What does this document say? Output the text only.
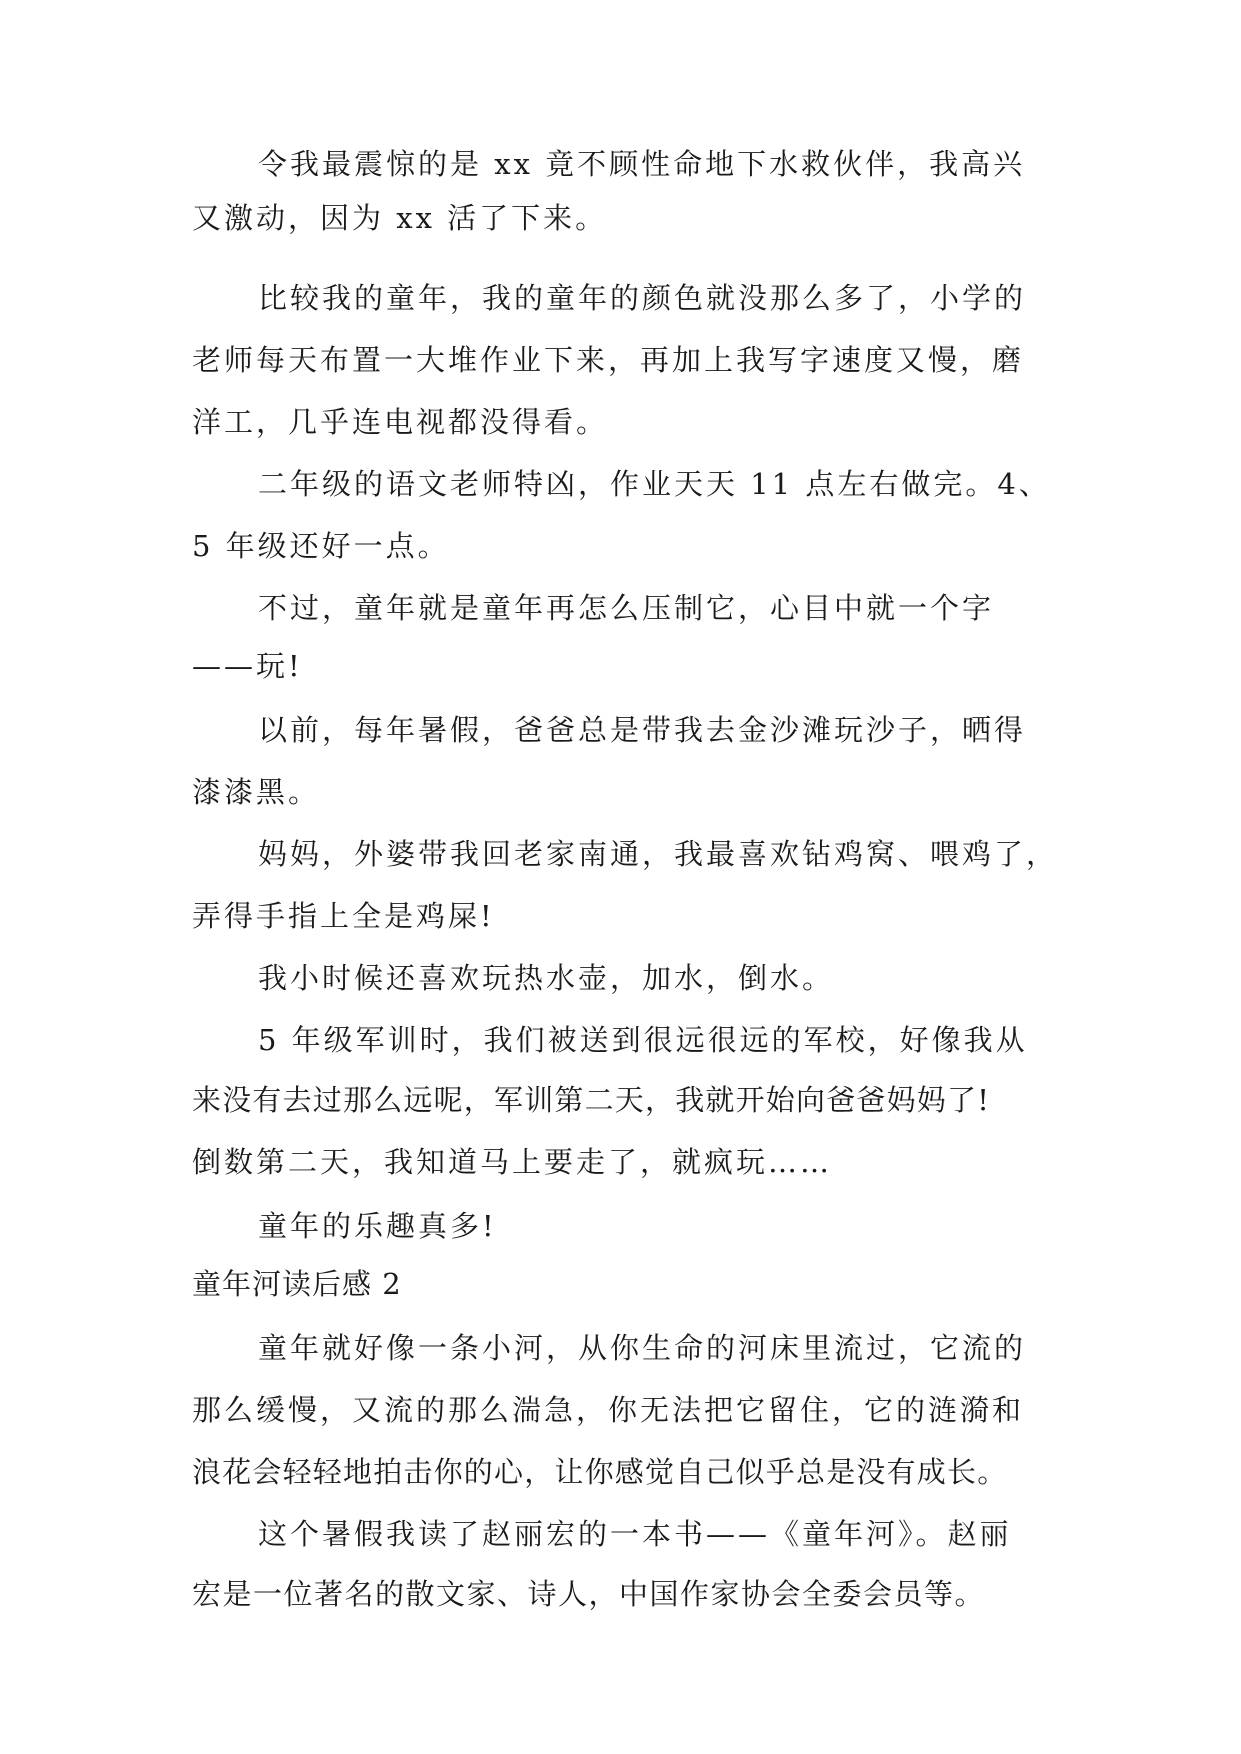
令我最震惊的是 xx 竟不顾性命地下水救伙伴，我高兴
又激动，因为 xx 活了下来。
比较我的童年，我的童年的颜色就没那么多了，小学的
老师每天布置一大堆作业下来，再加上我写字速度又慢，磨
洋工，几乎连电视都没得看。
二年级的语文老师特凶，作业天天 11 点左右做完。4、
5 年级还好一点。
不过，童年就是童年再怎么压制它，心目中就一个字
——玩!
以前，每年暑假，爸爸总是带我去金沙滩玩沙子，晒得
漆漆黑。
妈妈，外婆带我回老家南通，我最喜欢钻鸡窝、喂鸡了，
弄得手指上全是鸡屎!
我小时候还喜欢玩热水壶，加水，倒水。
5 年级军训时，我们被送到很远很远的军校，好像我从
来没有去过那么远呢，军训第二天，我就开始向爸爸妈妈了!
倒数第二天，我知道马上要走了，就疯玩……
童年的乐趣真多!
童年河读后感 2
童年就好像一条小河，从你生命的河床里流过，它流的
那么缓慢，又流的那么湍急，你无法把它留住，它的涟漪和
浪花会轻轻地拍击你的心，让你感觉自己似乎总是没有成长。
这个暑假我读了赵丽宏的一本书——《童年河》。赵丽
宏是一位著名的散文家、诗人，中国作家协会全委会员等。
